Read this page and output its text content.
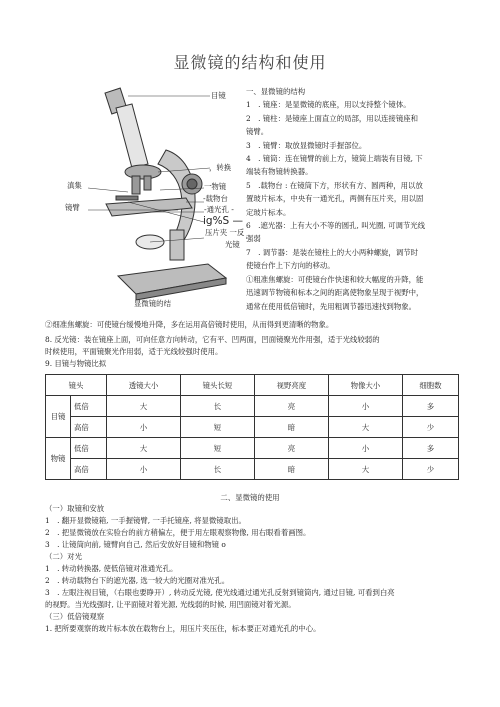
显微镜的结构和使用
目镜
，转换
一物镜
-载物台
-通光孔 -
ig%S —
压片夹 一反
光镜
滇集
镜臂
显微镜的结

一、显微镜的结构

1　. 镜座：是显微镜的底座，用以支持整个镜体。

2　. 镜柱：是镜座上面直立的局部，用以连接镜座和

镜臂。

3　. 镜臂：取放显微镜时手握部位。

4　. 镜筒：连在镜臂的前上方，镜筒上端装有目镜, 下

端装有物镜转换器。

5　.载物台 : 在镜筒下方，形状有方、圆两种，用以放

置玻片标本，中央有一通光孔，两侧有压片夹，用以固

定玻片标本。

6　.遮光器：上有大小不等的圆孔, 叫光圈, 可调节光线

强弱

7　. 调节器：是装在镜柱上的大小两种螺旋，调节时

使镜台作上下方向的移动。

①粗准焦螺旋：可使镜台作快速和较大幅度的升降，能

迅速调节物镜和标本之间的距离使物象呈现于视野中，

通常在使用低倍镜时，先用粗调节器迅速找到物象。

②细准焦螺旋：可使镜台缓慢地升降，多在运用高倍镜时使用，从而得到更清晰的物象。

8. 反光镜：装在镜座上面，可向任意方向转动，它有平、凹两面，凹面镜聚光作用强，适于光线较弱的

时候使用，平面镜聚光作用弱，适于光线较强时使用。

9. 目镜与物镜比拟

镜头		透镜大小	镜头长短	视野亮度	物像大小	细胞数
目镜	低倍	大	长	亮	小	多
	高倍	小	短	暗	大	少
物镜	低倍	大	短	亮	小	多
	高倍	小	长	暗	大	少
二、显微镜的使用

（一）取镜和安放

1　. 翻开显微镜箱, 一手握镜臂, 一手托镜座, 将显微镜取出。

2　. 把显微镜放在实验台的前方稍偏左，便于用左眼观察物像, 用右眼看着画图。

3　. 让镜筒向前, 镜臂向自己, 然后安放好目镜和物镜 o

（二）对光

1　. 转动转换器, 使低倍镜对准通光孔。

2　. 转动载物台下的遮光器, 选一较大的光圈对准光孔。

3　. 左眼注视目镜，（右眼也要睁开）, 转动反光镜, 使光线通过通光孔反射到镜筒内, 通过目镜, 可看到白亮

的视野。当光线强时, 让平面镜对着光源, 光线弱的时候, 用凹面镜对着光源。

（三）低倍镜观察

1. 把所要观察的玻片标本放在载物台上，用压片夹压住，标本要正对通光孔的中心。
